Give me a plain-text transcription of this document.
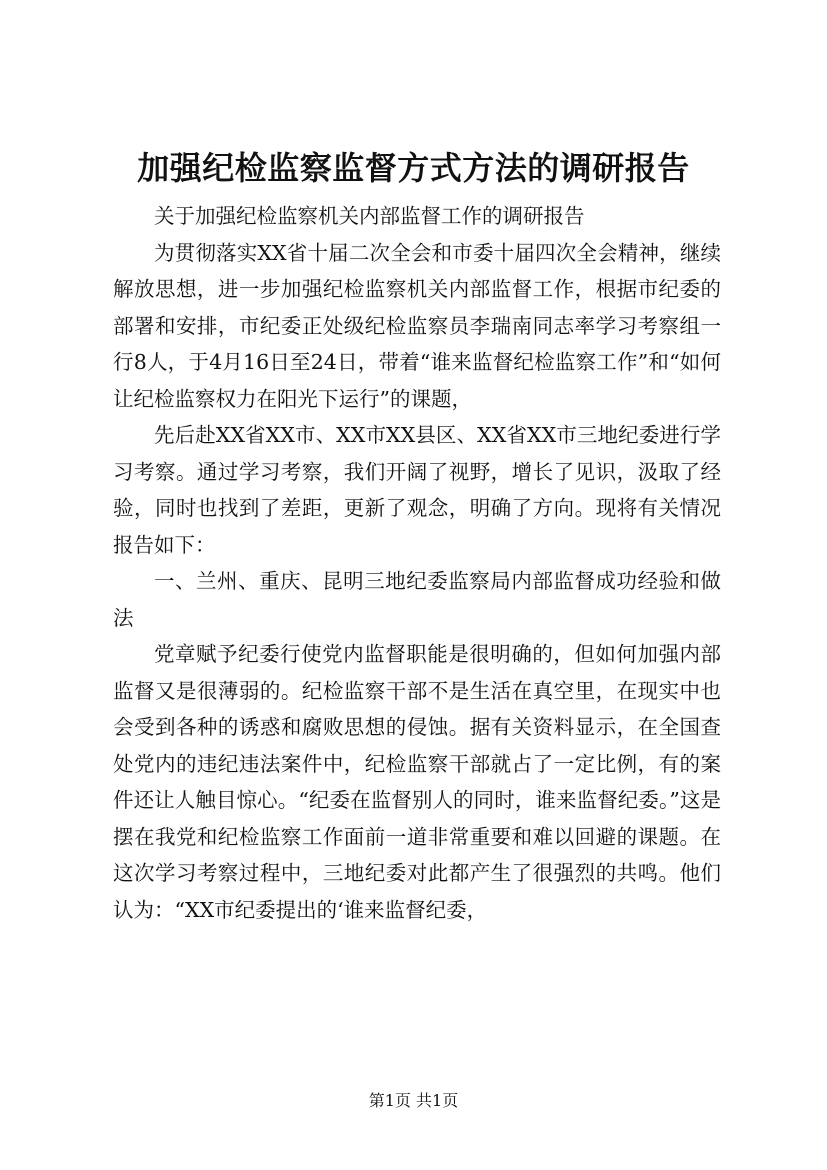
加强纪检监察监督方式方法的调研报告

关于加强纪检监察机关内部监督工作的调研报告

为贯彻落实XX省十届二次全会和市委十届四次全会精神，继续解放思想，进一步加强纪检监察机关内部监督工作，根据市纪委的部署和安排，市纪委正处级纪检监察员李瑞南同志率学习考察组一行8人，于4月16日至24日，带着“谁来监督纪检监察工作”和“如何让纪检监察权力在阳光下运行”的课题，

先后赴XX省XX市、XX市XX县区、XX省XX市三地纪委进行学习考察。通过学习考察，我们开阔了视野，增长了见识，汲取了经验，同时也找到了差距，更新了观念，明确了方向。现将有关情况报告如下：

一、兰州、重庆、昆明三地纪委监察局内部监督成功经验和做法

党章赋予纪委行使党内监督职能是很明确的，但如何加强内部监督又是很薄弱的。纪检监察干部不是生活在真空里，在现实中也会受到各种的诱惑和腐败思想的侵蚀。据有关资料显示，在全国查处党内的违纪违法案件中，纪检监察干部就占了一定比例，有的案件还让人触目惊心。“纪委在监督别人的同时，谁来监督纪委。”这是摆在我党和纪检监察工作面前一道非常重要和难以回避的课题。在这次学习考察过程中，三地纪委对此都产生了很强烈的共鸣。他们认为：“XX市纪委提出的‘谁来监督纪委，

第1页 共1页
